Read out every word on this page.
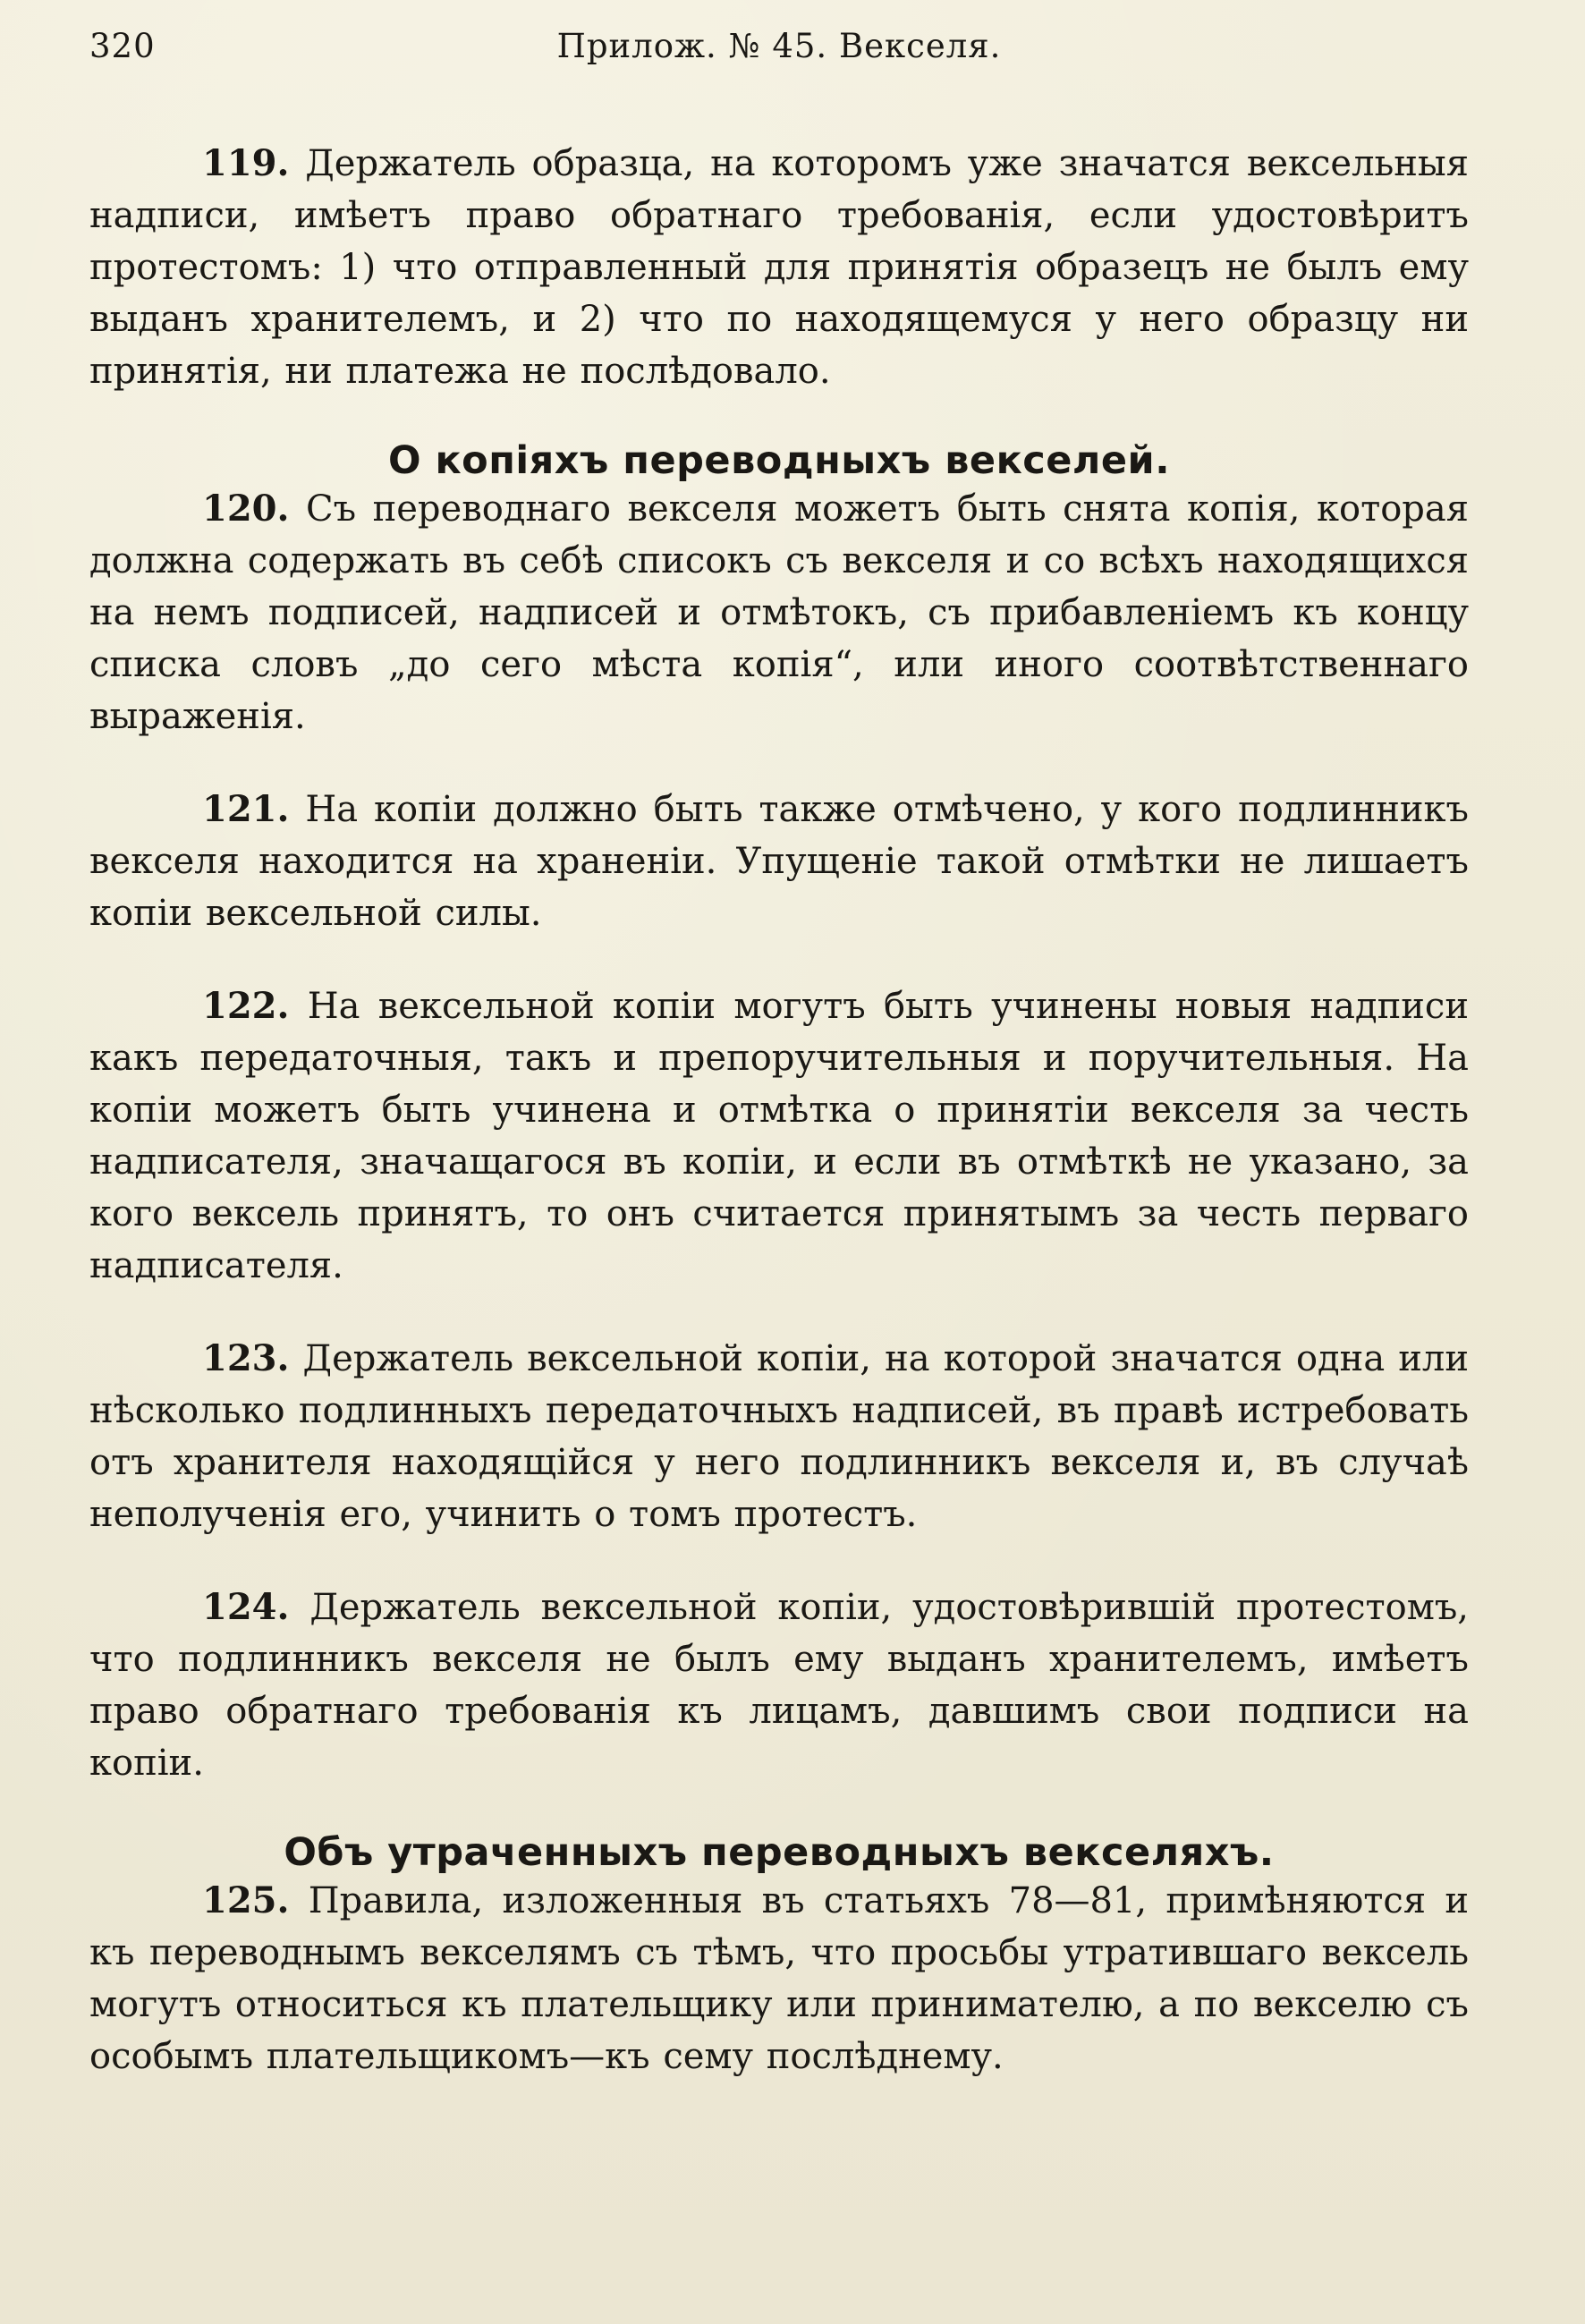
320	Прилож. № 45. Векселя.

119. Держатель образца, на которомъ уже значатся вексельныя надписи, имѣетъ право обратнаго требованія, если удостовѣритъ протестомъ: 1) что отправленный для принятія образецъ не былъ ему выданъ хранителемъ, и 2) что по находящемуся у него образцу ни принятія, ни платежа не послѣдовало.

О копіяхъ переводныхъ векселей.

120. Съ переводнаго векселя можетъ быть снята копія, которая должна содержать въ себѣ списокъ съ векселя и со всѣхъ находящихся на немъ подписей, надписей и отмѣтокъ, съ прибавленіемъ къ концу списка словъ „до сего мѣста копія“, или иного соотвѣтственнаго выраженія.

121. На копіи должно быть также отмѣчено, у кого подлинникъ векселя находится на храненіи. Упущеніе такой отмѣтки не лишаетъ копіи вексельной силы.

122. На вексельной копіи могутъ быть учинены новыя надписи какъ передаточныя, такъ и препоручительныя и поручительныя. На копіи можетъ быть учинена и отмѣтка о принятіи векселя за честь надписателя, значащагося въ копіи, и если въ отмѣткѣ не указано, за кого вексель принятъ, то онъ считается принятымъ за честь перваго надписателя.

123. Держатель вексельной копіи, на которой значатся одна или нѣсколько подлинныхъ передаточныхъ надписей, въ правѣ истребовать отъ хранителя находящійся у него подлинникъ векселя и, въ случаѣ неполученія его, учинить о томъ протестъ.

124. Держатель вексельной копіи, удостовѣрившій протестомъ, что подлинникъ векселя не былъ ему выданъ хранителемъ, имѣетъ право обратнаго требованія къ лицамъ, давшимъ свои подписи на копіи.

Объ утраченныхъ переводныхъ векселяхъ.

125. Правила, изложенныя въ статьяхъ 78—81, примѣняются и къ переводнымъ векселямъ съ тѣмъ, что просьбы утратившаго вексель могутъ относиться къ плательщику или принимателю, а по векселю съ особымъ плательщикомъ—къ сему послѣднему.
